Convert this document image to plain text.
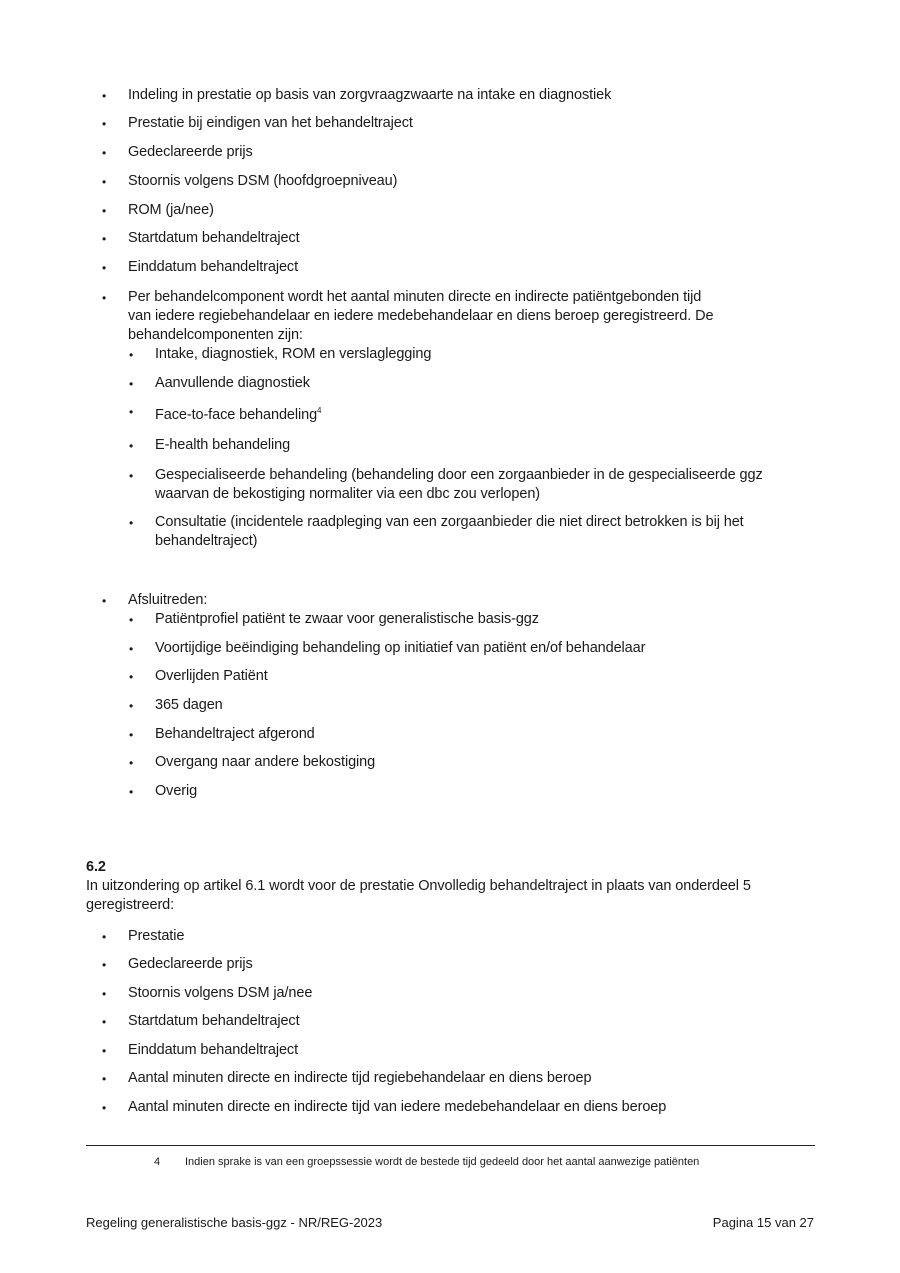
• Indeling in prestatie op basis van zorgvraagzwaarte na intake en diagnostiek
• Prestatie bij eindigen van het behandeltraject
• Gedeclareerde prijs
• Stoornis volgens DSM (hoofdgroepniveau)
• ROM (ja/nee)
• Startdatum behandeltraject
• Einddatum behandeltraject
• Per behandelcomponent wordt het aantal minuten directe en indirecte patiëntgebonden tijd
van iedere regiebehandelaar en iedere medebehandelaar en diens beroep geregistreerd. De
behandelcomponenten zijn:
• Intake, diagnostiek, ROM en verslaglegging
• Aanvullende diagnostiek
• Face-to-face behandeling$^4$
• E-health behandeling
• Gespecialiseerde behandeling (behandeling door een zorgaanbieder in de gespecialiseerde ggz
waarvan de bekostiging normaliter via een dbc zou verlopen)
• Consultatie (incidentele raadpleging van een zorgaanbieder die niet direct betrokken is bij het
behandeltraject)
• Afsluitreden:
• Patiëntprofiel patiënt te zwaar voor generalistische basis-ggz
• Voortijdige beëindiging behandeling op initiatief van patiënt en/of behandelaar
• Overlijden Patiënt
• 365 dagen
• Behandeltraject afgerond
• Overgang naar andere bekostiging
• Overig
6.2
In uitzondering op artikel 6.1 wordt voor de prestatie Onvolledig behandeltraject in plaats van onderdeel 5
geregistreerd:
• Prestatie
• Gedeclareerde prijs
• Stoornis volgens DSM ja/nee
• Startdatum behandeltraject
• Einddatum behandeltraject
• Aantal minuten directe en indirecte tijd regiebehandelaar en diens beroep
• Aantal minuten directe en indirecte tijd van iedere medebehandelaar en diens beroep
4 Indien sprake is van een groepssessie wordt de bestede tijd gedeeld door het aantal aanwezige patiënten
Regeling generalistische basis-ggz - NR/REG-2023	Pagina 15 van 27
